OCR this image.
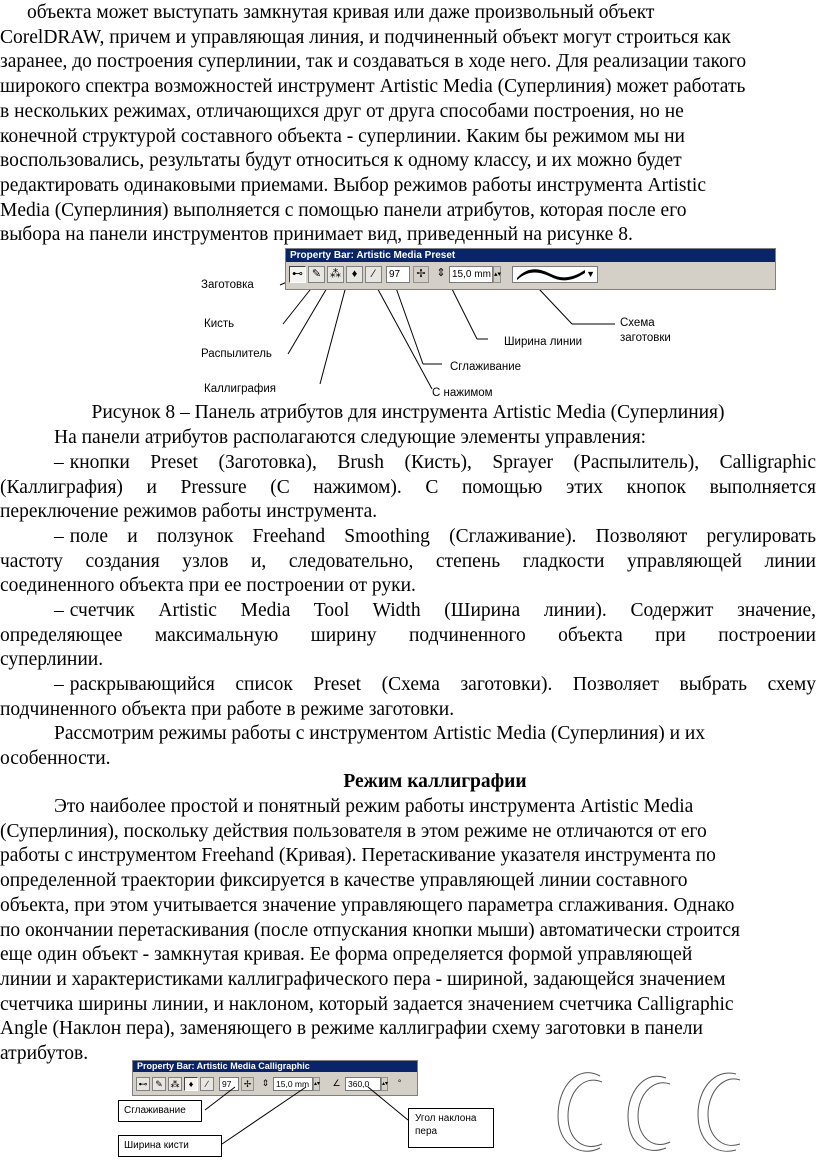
объекта может выступать замкнутая кривая или даже произвольный объект
CorelDRAW, причем и управляющая линия, и подчиненный объект могут строиться как
заранее, до построения суперлинии, так и создаваться в ходе него. Для реализации такого
широкого спектра возможностей инструмент Artistic Media (Суперлиния) может работать
в нескольких режимах, отличающихся друг от друга способами построения, но не
конечной структурой составного объекта - суперлинии. Каким бы режимом мы ни
воспользовались, результаты будут относиться к одному классу, и их можно будет
редактировать одинаковыми приемами. Выбор режимов работы инструмента Artistic
Media (Суперлиния) выполняется с помощью панели атрибутов, которая после его
выбора на панели инструментов принимает вид, приведенный на рисунке 8.
Property Bar: Artistic Media Preset
⊷ ✎ ⁂ ♦	∕	97	✢ ⇕ 15,0 mm ▴▾	▼
Заготовка
Кисть
Распылитель
Каллиграфия	С нажимом
Сглаживание
Ширина линии
Схема
заготовки
Рисунок 8 – Панель атрибутов для инструмента Artistic Media (Суперлиния)
На панели атрибутов располагаются следующие элементы управления:
– кнопки Preset (Заготовка), Brush (Кисть), Sprayer (Распылитель), Calligraphic
(Каллиграфия) и Pressure (С нажимом). С помощью этих кнопок выполняется
переключение режимов работы инструмента.
– поле и ползунок Freehand Smoothing (Сглаживание). Позволяют регулировать
частоту создания узлов и, следовательно, степень гладкости управляющей линии
соединенного объекта при ее построении от руки.
– счетчик Artistic Media Tool Width (Ширина линии). Содержит значение,
определяющее максимальную ширину подчиненного объекта при построении
суперлинии.
– раскрывающийся список Preset (Схема заготовки). Позволяет выбрать схему
подчиненного объекта при работе в режиме заготовки.
Рассмотрим режимы работы с инструментом Artistic Media (Суперлиния) и их
особенности.
Режим каллиграфии
Это наиболее простой и понятный режим работы инструмента Artistic Media
(Суперлиния), поскольку действия пользователя в этом режиме не отличаются от его
работы с инструментом Freehand (Кривая). Перетаскивание указателя инструмента по
определенной траектории фиксируется в качестве управляющей линии составного
объекта, при этом учитывается значение управляющего параметра сглаживания. Однако
по окончании перетаскивания (после отпускания кнопки мыши) автоматически строится
еще один объект - замкнутая кривая. Ее форма определяется формой управляющей
линии и характеристиками каллиграфического пера - шириной, задающейся значением
счетчика ширины линии, и наклоном, который задается значением счетчика Calligraphic
Angle (Наклон пера), заменяющего в режиме каллиграфии схему заготовки в панели
атрибутов.
Property Bar: Artistic Media Calligraphic
⊷ ✎ ⁂	♦	∕	97	✢	⇕ 15,0 mm ▴▾ ∠ 360,0	▴▾	°
Сглаживание
Ширина кисти
Угол наклона
пера
